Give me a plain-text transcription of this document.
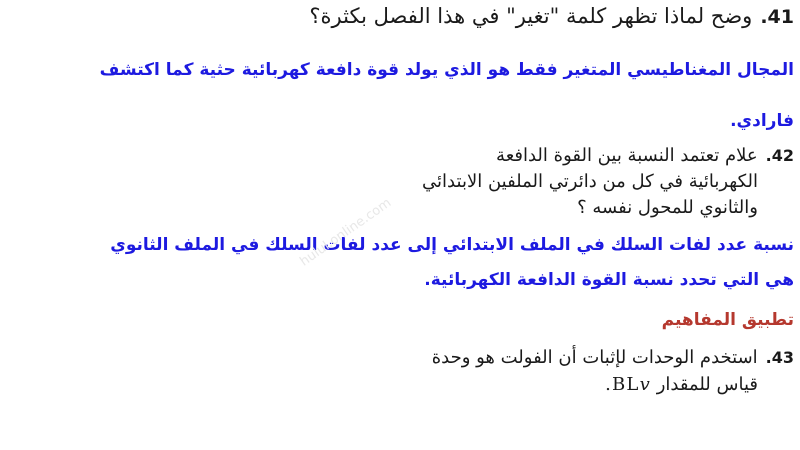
41.وضح لماذا تظهر كلمة "تغير" في هذا الفصل بكثرة؟
المجال المغناطيسي المتغير فقط هو الذي يولد قوة دافعة كهربائية حثية كما اكتشف
فارادي.
42.علام تعتمد النسبة بين القوة الدافعة
الكهربائية في كل من دائرتي الملفين الابتدائي
والثانوي للمحول نفسه ؟
نسبة عدد لفات السلك في الملف الابتدائي إلى عدد لفات السلك في الملف الثانوي
هي التي تحدد نسبة القوة الدافعة الكهربائية.
تطبيق المفاهيم
43.استخدم الوحدات لإثبات أن الفولت هو وحدة
قياس للمقدار BLv.
hulul.online.com
